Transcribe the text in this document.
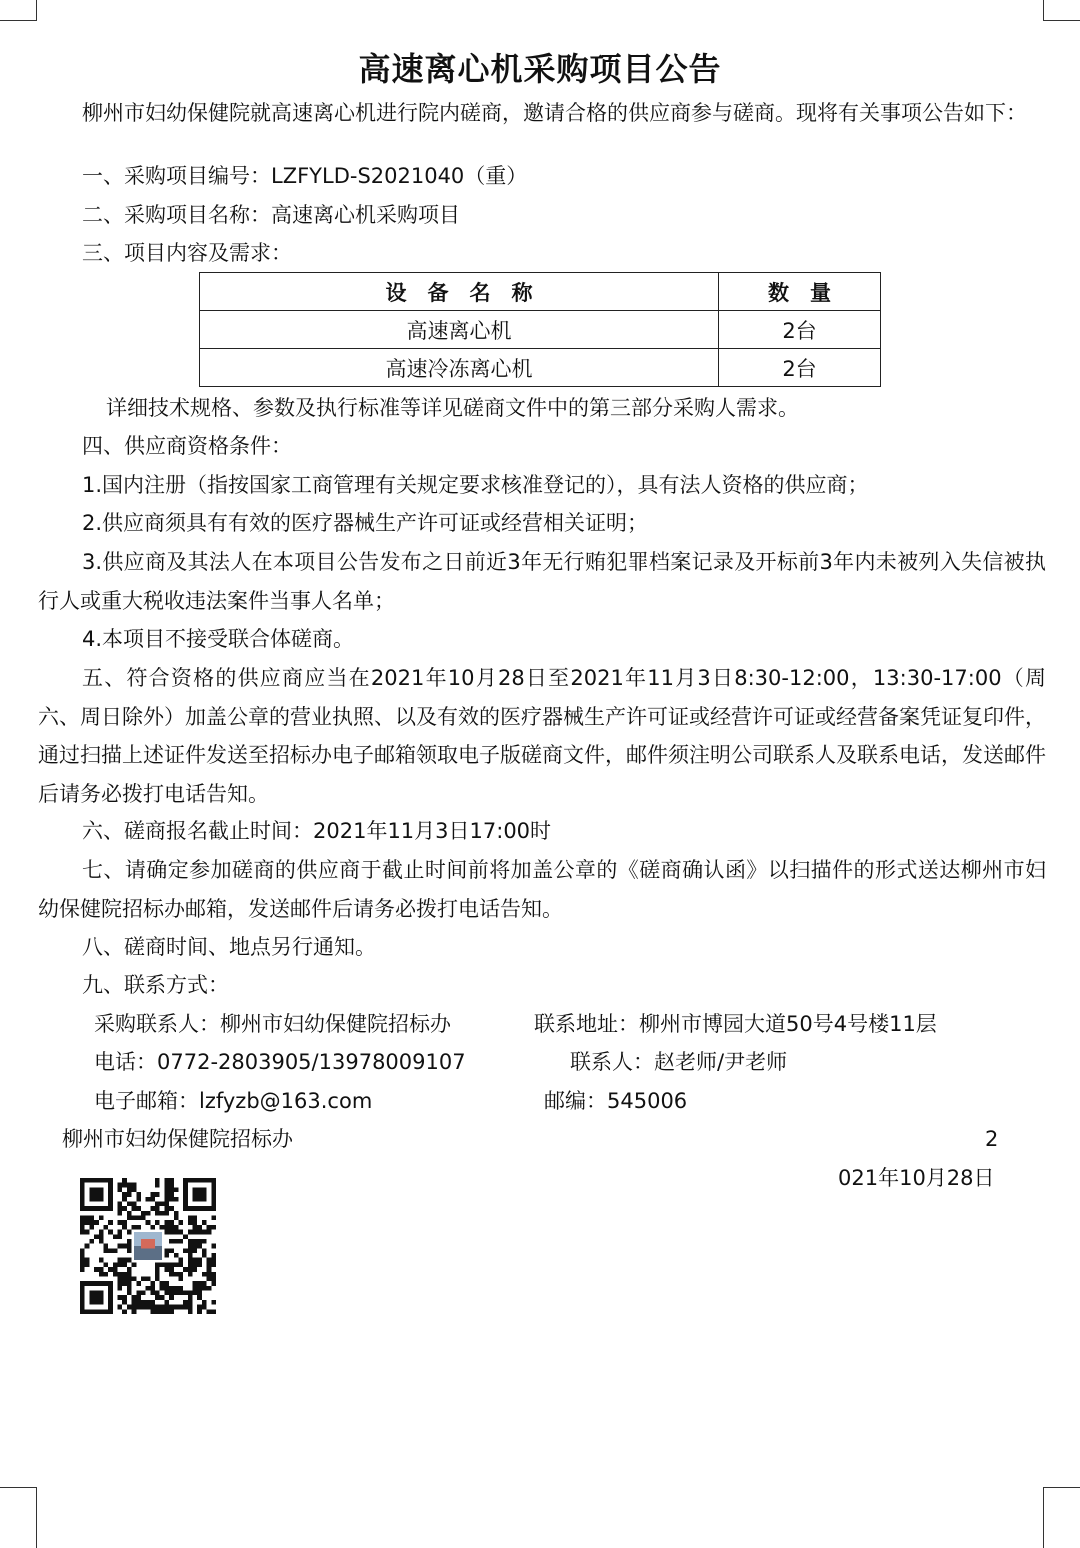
高速离心机采购项目公告
柳州市妇幼保健院就高速离心机进行院内磋商，邀请合格的供应商参与磋商。现将有关事项公告如下：
一、采购项目编号：LZFYLD-S2021040（重）
二、采购项目名称：高速离心机采购项目
三、项目内容及需求：
设　备　名　称	数　量
高速离心机	2台
高速冷冻离心机	2台
详细技术规格、参数及执行标准等详见磋商文件中的第三部分采购人需求。
四、供应商资格条件：
1.国内注册（指按国家工商管理有关规定要求核准登记的），具有法人资格的供应商；
2.供应商须具有有效的医疗器械生产许可证或经营相关证明；
3.供应商及其法人在本项目公告发布之日前近3年无行贿犯罪档案记录及开标前3年内未被列入失信被执行人或重大税收违法案件当事人名单；
4.本项目不接受联合体磋商。
五、符合资格的供应商应当在2021年10月28日至2021年11月3日8:30-12:00，13:30-17:00（周六、周日除外）加盖公章的营业执照、以及有效的医疗器械生产许可证或经营许可证或经营备案凭证复印件，通过扫描上述证件发送至招标办电子邮箱领取电子版磋商文件，邮件须注明公司联系人及联系电话，发送邮件后请务必拨打电话告知。
六、磋商报名截止时间：2021年11月3日17:00时
七、请确定参加磋商的供应商于截止时间前将加盖公章的《磋商确认函》以扫描件的形式送达柳州市妇幼保健院招标办邮箱，发送邮件后请务必拨打电话告知。
八、磋商时间、地点另行通知。
九、联系方式：
采购联系人：柳州市妇幼保健院招标办	联系地址：柳州市博园大道50号4号楼11层
电话：0772-2803905/13978009107	联系人：赵老师/尹老师
电子邮箱：lzfyzb@163.com	邮编：545006
柳州市妇幼保健院招标办	2
021年10月28日
